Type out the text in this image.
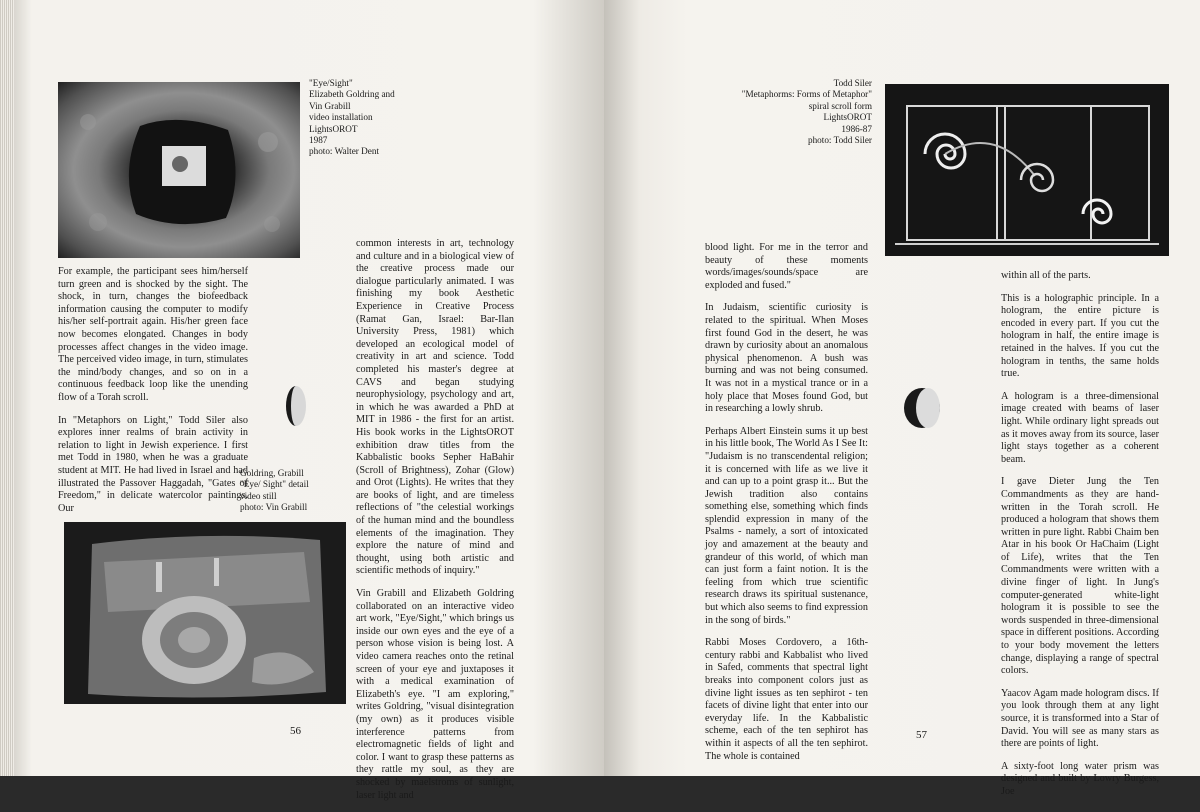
"Eye/Sight"
Elizabeth Goldring and
Vin Grabill
video installation
LightsOROT
1987
photo: Walter Dent

For example, the participant sees him/herself turn green and is shocked by the sight. The shock, in turn, changes the biofeedback information causing the computer to modify his/her self-portrait again. His/her green face now becomes elongated. Changes in body processes affect changes in the video image. The perceived video image, in turn, stimulates the mind/body changes, and so on in a continuous feedback loop like the unending flow of a Torah scroll.

In "Metaphors on Light," Todd Siler also explores inner realms of brain activity in relation to light in Jewish experience. I first met Todd in 1980, when he was a graduate student at MIT. He had lived in Israel and had illustrated the Passover Haggadah, "Gates of Freedom," in delicate watercolor paintings. Our

Goldring, Grabill
"Eye/ Sight" detail
video still
photo: Vin Grabill

common interests in art, technology and culture and in a biological view of the creative process made our dialogue particularly animated. I was finishing my book Aesthetic Experience in Creative Process (Ramat Gan, Israel: Bar-Ilan University Press, 1981) which developed an ecological model of creativity in art and science. Todd completed his master's degree at CAVS and began studying neurophysiology, psychology and art, in which he was awarded a PhD at MIT in 1986 - the first for an artist. His book works in the LightsOROT exhibition draw titles from the Kabbalistic books Sepher HaBahir (Scroll of Brightness), Zohar (Glow) and Orot (Lights). He writes that they are books of light, and are timeless reflections of "the celestial workings of the human mind and the boundless elements of the imagination. They explore the nature of mind and thought, using both artistic and scientific methods of inquiry."

Vin Grabill and Elizabeth Goldring collaborated on an interactive video art work, "Eye/Sight," which brings us inside our own eyes and the eye of a person whose vision is being lost. A video camera reaches onto the retinal screen of your eye and juxtaposes it with a medical examination of Elizabeth's eye. "I am exploring," writes Goldring, "visual disintegration (my own) as it produces visible interference patterns from electromagnetic fields of light and color. I want to grasp these patterns as they rattle my soul, as they are shocked by maelstroms of sunlight, laser light and

56
Todd Siler
"Metaphorms: Forms of Metaphor"
spiral scroll form
LightsOROT
1986-87
photo: Todd Siler

blood light. For me in the terror and beauty of these moments words/images/sounds/space are exploded and fused."

In Judaism, scientific curiosity is related to the spiritual. When Moses first found God in the desert, he was drawn by curiosity about an anomalous physical phenomenon. A bush was burning and was not being consumed. It was not in a mystical trance or in a holy place that Moses found God, but in researching a lowly shrub.

Perhaps Albert Einstein sums it up best in his little book, The World As I See It: "Judaism is no transcendental religion; it is concerned with life as we live it and can up to a point grasp it... But the Jewish tradition also contains something else, something which finds splendid expression in many of the Psalms - namely, a sort of intoxicated joy and amazement at the beauty and grandeur of this world, of which man can just form a faint notion. It is the feeling from which true scientific research draws its spiritual sustenance, but which also seems to find expression in the song of birds."

Rabbi Moses Cordovero, a 16th-century rabbi and Kabbalist who lived in Safed, comments that spectral light breaks into component colors just as divine light issues as ten sephirot - ten facets of divine light that enter into our everyday life. In the Kabbalistic scheme, each of the ten sephirot has within it aspects of all the ten sephirot. The whole is contained

within all of the parts.

This is a holographic principle. In a hologram, the entire picture is encoded in every part. If you cut the hologram in half, the entire image is retained in the halves. If you cut the hologram in tenths, the same holds true.

A hologram is a three-dimensional image created with beams of laser light. While ordinary light spreads out as it moves away from its source, laser light stays together as a coherent beam.

I gave Dieter Jung the Ten Commandments as they are hand-written in the Torah scroll. He produced a hologram that shows them written in pure light. Rabbi Chaim ben Atar in his book Or HaChaim (Light of Life), writes that the Ten Commandments were written with a divine finger of light. In Jung's computer-generated white-light hologram it is possible to see the words suspended in three-dimensional space in different positions. According to your body movement the letters change, displaying a range of spectral colors.

Yaacov Agam made hologram discs. If you look through them at any light source, it is transformed into a Star of David. You will see as many stars as there are points of light.

A sixty-foot long water prism was designed and built by Lowry Burgess, Joe

57
